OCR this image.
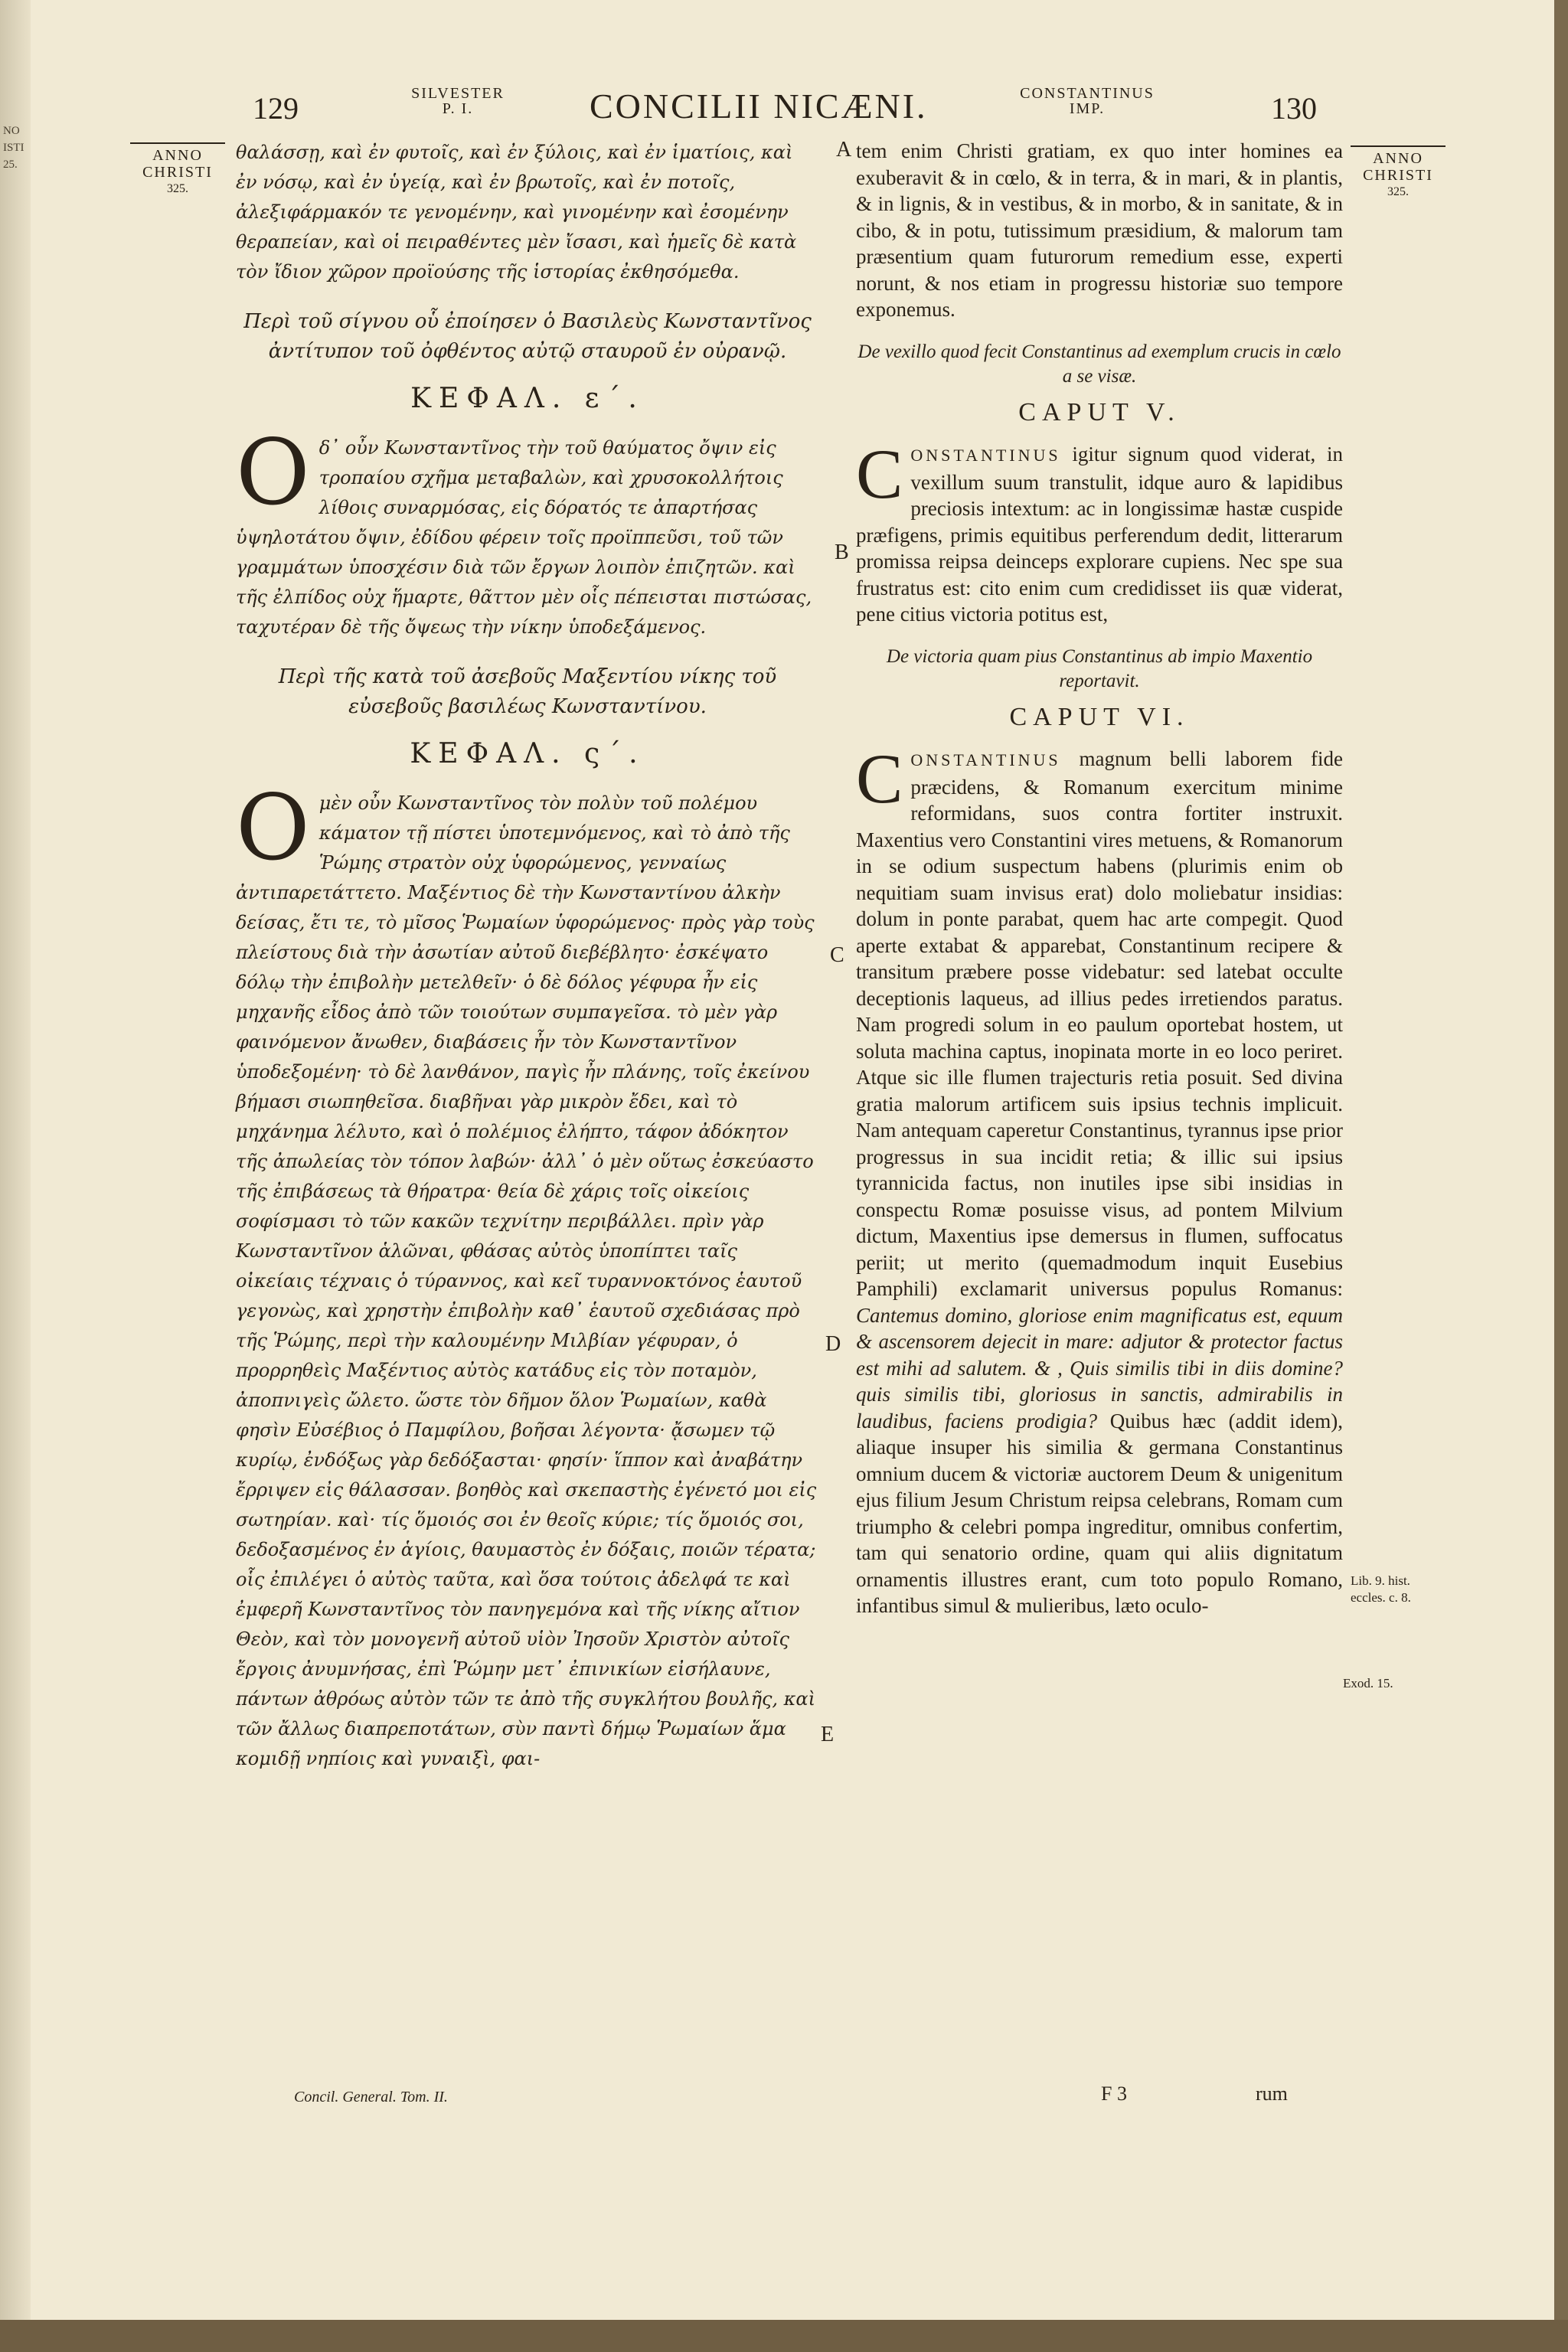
NO
ISTI
25.
129	SILVESTER
P. I.	CONCILII NICÆNI.	CONSTANTINUS
IMP.	130
ANNO
CHRISTI
325.
ANNO
CHRISTI
325.
A
B
C
D
E

θαλάσσῃ, καὶ ἐν φυτοῖς, καὶ ἐν ξύλοις, καὶ ἐν ἱματίοις, καὶ ἐν νόσῳ, καὶ ἐν ὑγείᾳ, καὶ ἐν βρωτοῖς, καὶ ἐν ποτοῖς, ἀλεξιφάρμακόν τε γενομένην, καὶ γινομένην καὶ ἐσομένην θεραπείαν, καὶ οἱ πειραθέντες μὲν ἴσασι, καὶ ἡμεῖς δὲ κατὰ τὸν ἴδιον χῶρον προϊούσης τῆς ἱστορίας ἐκθησόμεθα.

Περὶ τοῦ σίγνου οὗ ἐποίησεν ὁ Βασιλεὺς Κωνσταντῖνος ἀντίτυπον τοῦ ὀφθέντος αὐτῷ σταυροῦ ἐν οὐρανῷ.

ΚΕΦΑΛ. ε΄.

Ο δ᾽ οὖν Κωνσταντῖνος τὴν τοῦ θαύματος ὄψιν εἰς τροπαίου σχῆμα μεταβαλὼν, καὶ χρυσοκολλήτοις λίθοις συναρμόσας, εἰς δόρατός τε ἀπαρτήσας ὑψηλοτάτου ὄψιν, ἐδίδου φέρειν τοῖς προϊππεῦσι, τοῦ τῶν γραμμάτων ὑποσχέσιν διὰ τῶν ἔργων λοιπὸν ἐπιζητῶν. καὶ τῆς ἐλπίδος οὐχ ἥμαρτε, θᾶττον μὲν οἷς πέπεισται πιστώσας, ταχυτέραν δὲ τῆς ὄψεως τὴν νίκην ὑποδεξάμενος.

Περὶ τῆς κατὰ τοῦ ἀσεβοῦς Μαξεντίου νίκης τοῦ εὐσεβοῦς βασιλέως Κωνσταντίνου.

ΚΕΦΑΛ. ς΄.

Ο μὲν οὖν Κωνσταντῖνος τὸν πολὺν τοῦ πολέμου κάματον τῇ πίστει ὑποτεμνόμενος, καὶ τὸ ἀπὸ τῆς Ῥώμης στρατὸν οὐχ ὑφορώμενος, γενναίως ἀντιπαρετάττετο. Μαξέντιος δὲ τὴν Κωνσταντίνου ἀλκὴν δείσας, ἔτι τε, τὸ μῖσος Ῥωμαίων ὑφορώμενος· πρὸς γὰρ τοὺς πλείστους διὰ τὴν ἀσωτίαν αὐτοῦ διεβέβλητο· ἐσκέψατο δόλῳ τὴν ἐπιβολὴν μετελθεῖν· ὁ δὲ δόλος γέφυρα ἦν εἰς μηχανῆς εἶδος ἀπὸ τῶν τοιούτων συμπαγεῖσα. τὸ μὲν γὰρ φαινόμενον ἄνωθεν, διαβάσεις ἦν τὸν Κωνσταντῖνον ὑποδεξομένη· τὸ δὲ λανθάνον, παγὶς ἦν πλάνης, τοῖς ἐκείνου βήμασι σιωπηθεῖσα. διαβῆναι γὰρ μικρὸν ἔδει, καὶ τὸ μηχάνημα λέλυτο, καὶ ὁ πολέμιος ἐλήπτο, τάφον ἀδόκητον τῆς ἀπωλείας τὸν τόπον λαβών· ἀλλ᾽ ὁ μὲν οὕτως ἐσκεύαστο τῆς ἐπιβάσεως τὰ θήρατρα· θεία δὲ χάρις τοῖς οἰκείοις σοφίσμασι τὸ τῶν κακῶν τεχνίτην περιβάλλει. πρὶν γὰρ Κωνσταντῖνον ἁλῶναι, φθάσας αὐτὸς ὑποπίπτει ταῖς οἰκείαις τέχναις ὁ τύραννος, καὶ κεῖ τυραννοκτόνος ἑαυτοῦ γεγονὼς, καὶ χρηστὴν ἐπιβολὴν καθ᾽ ἑαυτοῦ σχεδιάσας πρὸ τῆς Ῥώμης, περὶ τὴν καλουμένην Μιλβίαν γέφυραν, ὁ προρρηθεὶς Μαξέντιος αὐτὸς κατάδυς εἰς τὸν ποταμὸν, ἀποπνιγεὶς ὤλετο. ὥστε τὸν δῆμον ὅλον Ῥωμαίων, καθὰ φησὶν Εὐσέβιος ὁ Παμφίλου, βοῆσαι λέγοντα· ᾄσωμεν τῷ κυρίῳ, ἐνδόξως γὰρ δεδόξασται· φησίν· ἵππον καὶ ἀναβάτην ἔρριψεν εἰς θάλασσαν. βοηθὸς καὶ σκεπαστὴς ἐγένετό μοι εἰς σωτηρίαν. καὶ· τίς ὅμοιός σοι ἐν θεοῖς κύριε; τίς ὅμοιός σοι, δεδοξασμένος ἐν ἁγίοις, θαυμαστὸς ἐν δόξαις, ποιῶν τέρατα; οἷς ἐπιλέγει ὁ αὐτὸς ταῦτα, καὶ ὅσα τούτοις ἀδελφά τε καὶ ἐμφερῆ Κωνσταντῖνος τὸν πανηγεμόνα καὶ τῆς νίκης αἴτιον Θεὸν, καὶ τὸν μονογενῆ αὐτοῦ υἱὸν Ἰησοῦν Χριστὸν αὐτοῖς ἔργοις ἀνυμνήσας, ἐπὶ Ῥώμην μετ᾽ ἐπινικίων εἰσήλαυνε, πάντων ἀθρόως αὐτὸν τῶν τε ἀπὸ τῆς συγκλήτου βουλῆς, καὶ τῶν ἄλλως διαπρεποτάτων, σὺν παντὶ δήμῳ Ῥωμαίων ἅμα κομιδῇ νηπίοις καὶ γυναιξὶ, φαι-

tem enim Christi gratiam, ex quo inter homines ea exuberavit & in cœlo, & in terra, & in mari, & in plantis, & in lignis, & in vestibus, & in morbo, & in sanitate, & in cibo, & in potu, tutissimum præsidium, & malorum tam præsentium quam futurorum remedium esse, experti norunt, & nos etiam in progressu historiæ suo tempore exponemus.

De vexillo quod fecit Constantinus ad exemplum crucis in cœlo a se visæ.

CAPUT V.

C ONSTANTINUS igitur signum quod viderat, in vexillum suum transtulit, idque auro & lapidibus preciosis intextum: ac in longissimæ hastæ cuspide præfigens, primis equitibus perferendum dedit, litterarum promissa reipsa deinceps explorare cupiens. Nec spe sua frustratus est: cito enim cum credidisset iis quæ viderat, pene citius victoria potitus est,

De victoria quam pius Constantinus ab impio Maxentio reportavit.

CAPUT VI.

C ONSTANTINUS magnum belli laborem fide præcidens, & Romanum exercitum minime reformidans, suos contra fortiter instruxit. Maxentius vero Constantini vires metuens, & Romanorum in se odium suspectum habens (plurimis enim ob nequitiam suam invisus erat) dolo moliebatur insidias: dolum in ponte parabat, quem hac arte compegit. Quod aperte extabat & apparebat, Constantinum recipere & transitum præbere posse videbatur: sed latebat occulte deceptionis laqueus, ad illius pedes irretiendos paratus. Nam progredi solum in eo paulum oportebat hostem, ut soluta machina captus, inopinata morte in eo loco periret. Atque sic ille flumen trajecturis retia posuit. Sed divina gratia malorum artificem suis ipsius technis implicuit. Nam antequam caperetur Constantinus, tyrannus ipse prior progressus in sua incidit retia; & illic sui ipsius tyrannicida factus, non inutiles ipse sibi insidias in conspectu Romæ posuisse visus, ad pontem Milvium dictum, Maxentius ipse demersus in flumen, suffocatus periit; ut merito (quemadmodum inquit Eusebius Pamphili) exclamarit universus populus Romanus: Cantemus domino, gloriose enim magnificatus est, equum & ascensorem dejecit in mare: adjutor & protector factus est mihi ad salutem. & , Quis similis tibi in diis domine? quis similis tibi, gloriosus in sanctis, admirabilis in laudibus, faciens prodigia? Quibus hæc (addit idem), aliaque insuper his similia & germana Constantinus omnium ducem & victoriæ auctorem Deum & unigenitum ejus filium Jesum Christum reipsa celebrans, Romam cum triumpho & celebri pompa ingreditur, omnibus confertim, tam qui senatorio ordine, quam qui aliis dignitatum ornamentis illustres erant, cum toto populo Romano, infantibus simul & mulieribus, læto oculo-

Lib. 9. hist. eccles. c. 8.
Exod. 15.
Concil. General. Tom. II.	F 3	rum
